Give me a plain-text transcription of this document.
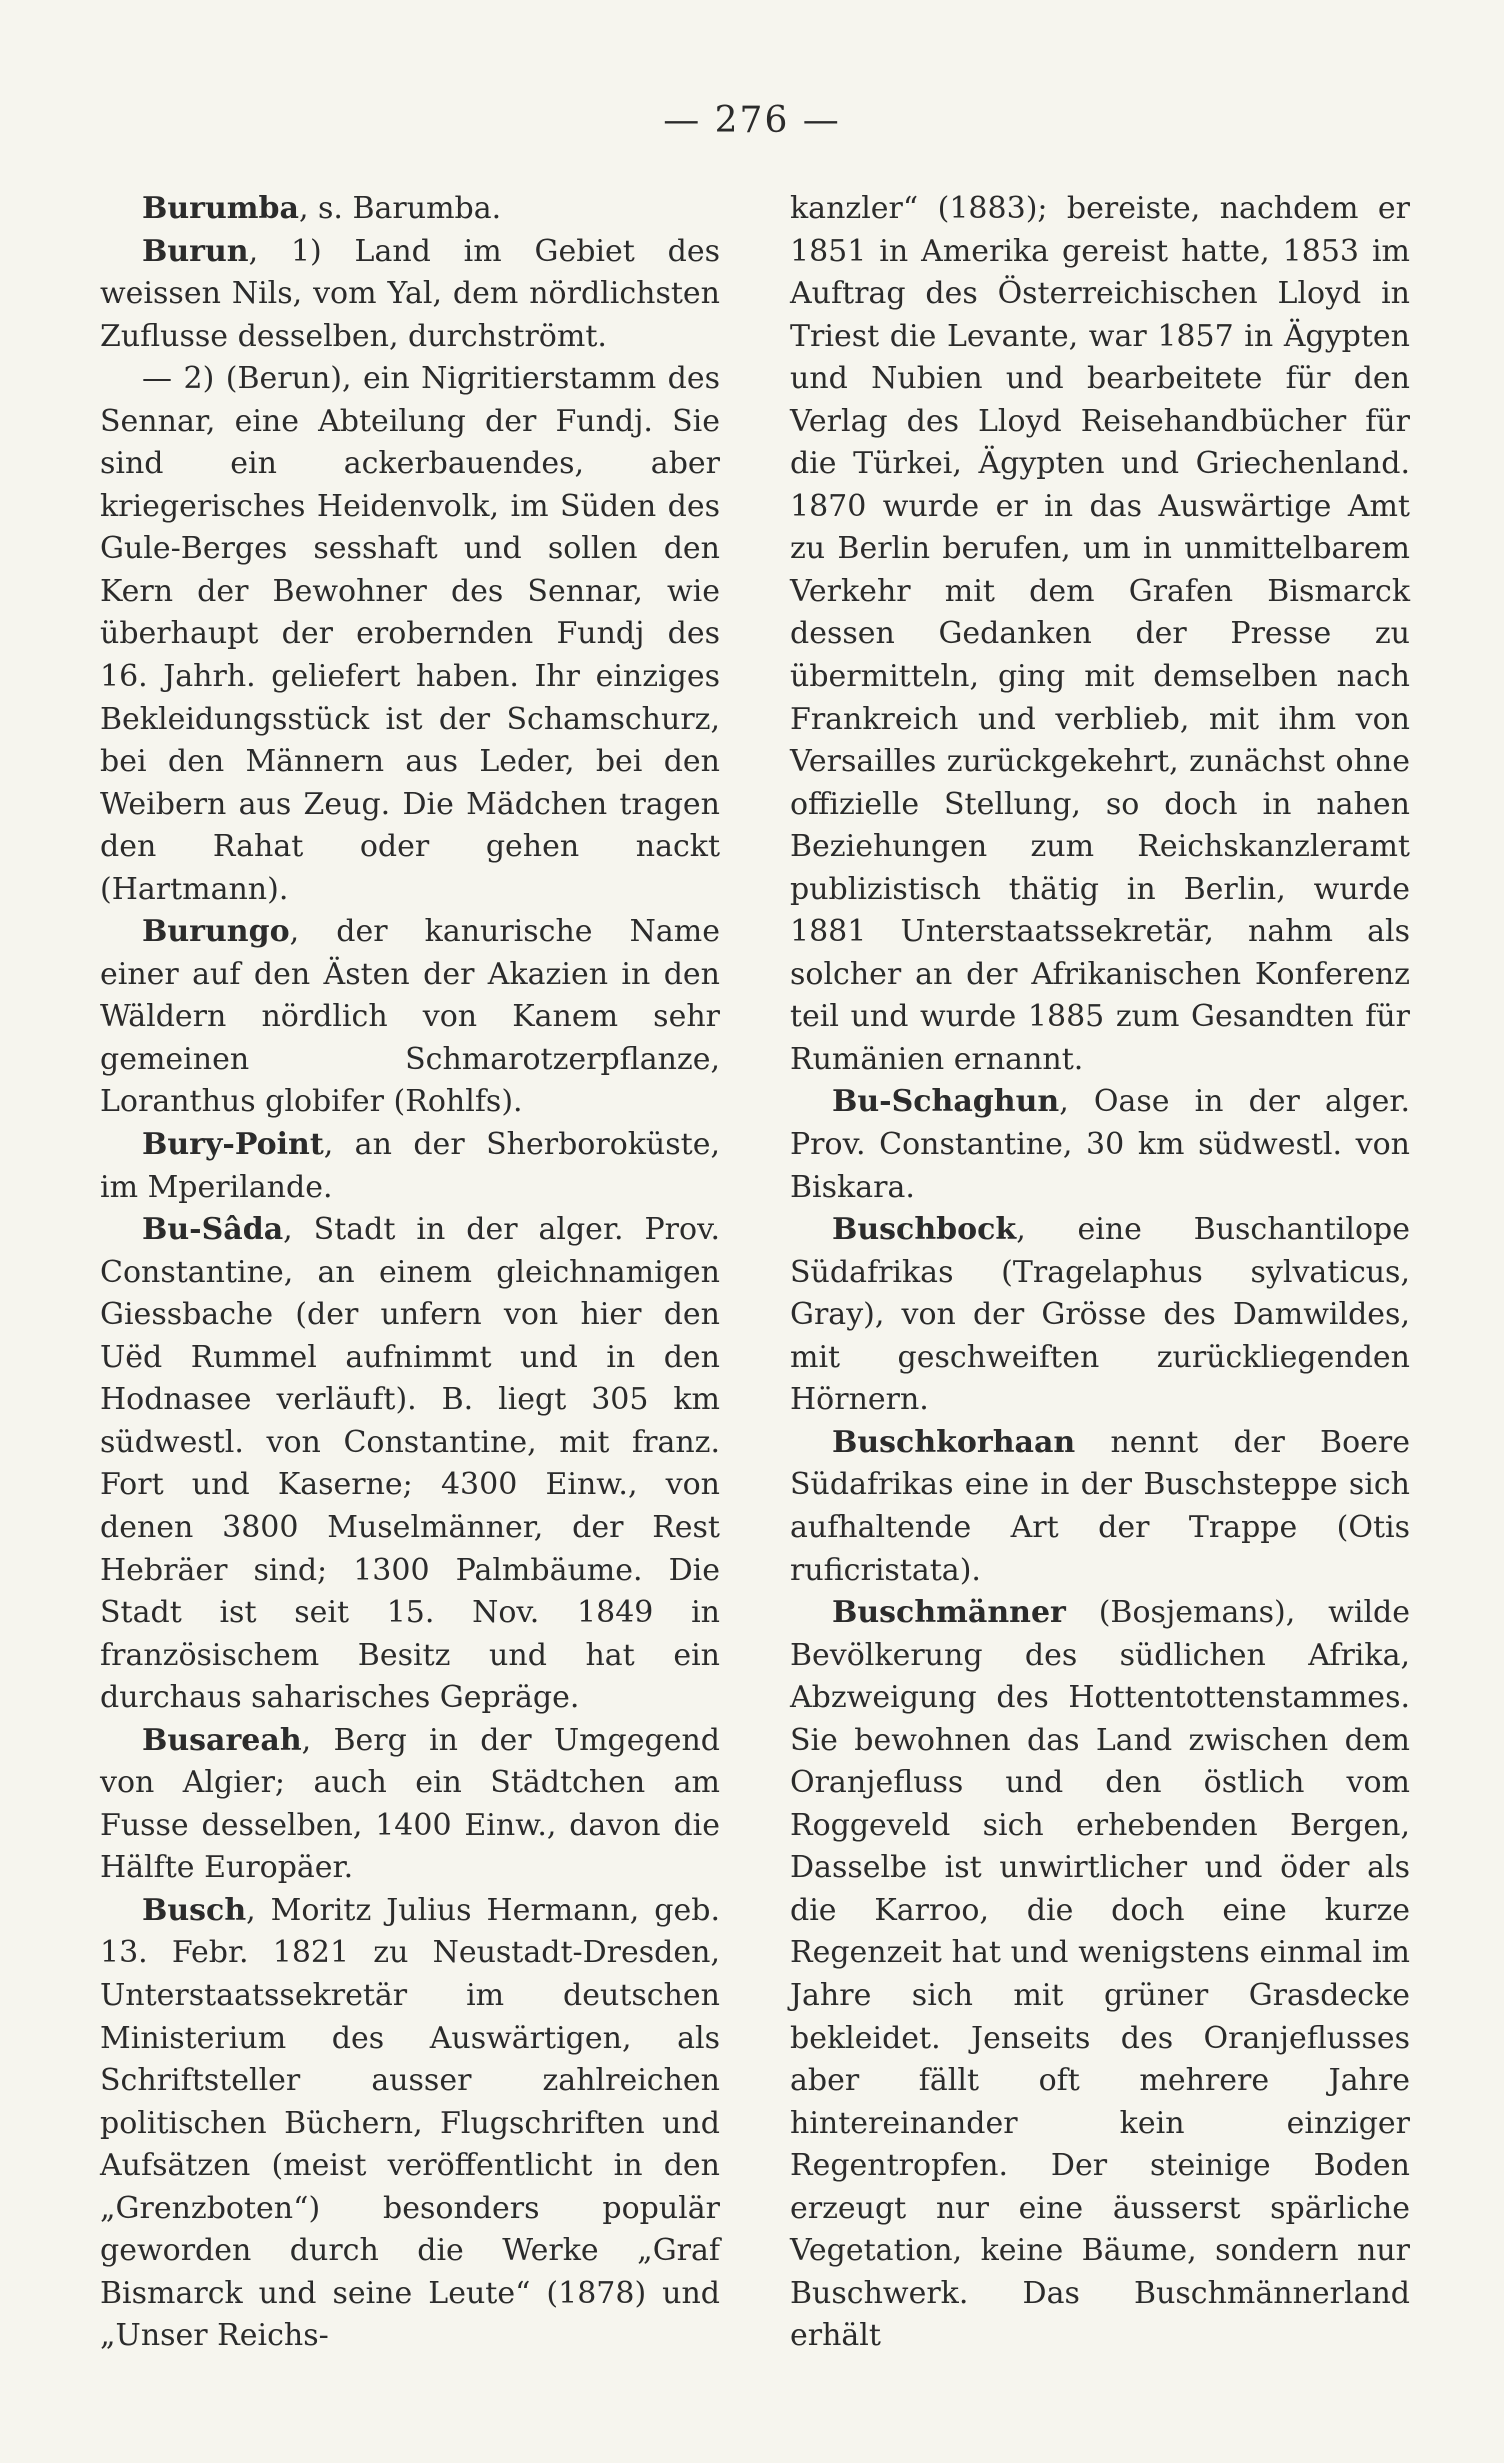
— 276 —

Burumba, s. Barumba.

Burun, 1) Land im Gebiet des weissen Nils, vom Yal, dem nördlichsten Zuflusse desselben, durchströmt.

— 2) (Berun), ein Nigritierstamm des Sennar, eine Abteilung der Fundj. Sie sind ein ackerbauendes, aber kriegerisches Heidenvolk, im Süden des Gule-Berges sesshaft und sollen den Kern der Bewohner des Sennar, wie überhaupt der erobernden Fundj des 16. Jahrh. geliefert haben. Ihr einziges Bekleidungsstück ist der Schamschurz, bei den Männern aus Leder, bei den Weibern aus Zeug. Die Mädchen tragen den Rahat oder gehen nackt (Hartmann).

Burungo, der kanurische Name einer auf den Ästen der Akazien in den Wäldern nördlich von Kanem sehr gemeinen Schmarotzerpflanze, Loranthus globifer (Rohlfs).

Bury-Point, an der Sherboroküste, im Mperilande.

Bu-Sâda, Stadt in der alger. Prov. Constantine, an einem gleichnamigen Giessbache (der unfern von hier den Uëd Rummel aufnimmt und in den Hodnasee verläuft). B. liegt 305 km südwestl. von Constantine, mit franz. Fort und Kaserne; 4300 Einw., von denen 3800 Muselmänner, der Rest Hebräer sind; 1300 Palmbäume. Die Stadt ist seit 15. Nov. 1849 in französischem Besitz und hat ein durchaus saharisches Gepräge.

Busareah, Berg in der Umgegend von Algier; auch ein Städtchen am Fusse desselben, 1400 Einw., davon die Hälfte Europäer.

Busch, Moritz Julius Hermann, geb. 13. Febr. 1821 zu Neustadt-Dresden, Unterstaatssekretär im deutschen Ministerium des Auswärtigen, als Schriftsteller ausser zahlreichen politischen Büchern, Flugschriften und Aufsätzen (meist veröffentlicht in den „Grenzboten“) besonders populär geworden durch die Werke „Graf Bismarck und seine Leute“ (1878) und „Unser Reichs-

kanzler“ (1883); bereiste, nachdem er 1851 in Amerika gereist hatte, 1853 im Auftrag des Österreichischen Lloyd in Triest die Levante, war 1857 in Ägypten und Nubien und bearbeitete für den Verlag des Lloyd Reisehandbücher für die Türkei, Ägypten und Griechenland. 1870 wurde er in das Auswärtige Amt zu Berlin berufen, um in unmittelbarem Verkehr mit dem Grafen Bismarck dessen Gedanken der Presse zu übermitteln, ging mit demselben nach Frankreich und verblieb, mit ihm von Versailles zurückgekehrt, zunächst ohne offizielle Stellung, so doch in nahen Beziehungen zum Reichskanzleramt publizistisch thätig in Berlin, wurde 1881 Unterstaatssekretär, nahm als solcher an der Afrikanischen Konferenz teil und wurde 1885 zum Gesandten für Rumänien ernannt.

Bu-Schaghun, Oase in der alger. Prov. Constantine, 30 km südwestl. von Biskara.

Buschbock, eine Buschantilope Südafrikas (Tragelaphus sylvaticus, Gray), von der Grösse des Damwildes, mit geschweiften zurückliegenden Hörnern.

Buschkorhaan nennt der Boere Südafrikas eine in der Buschsteppe sich aufhaltende Art der Trappe (Otis ruficristata).

Buschmänner (Bosjemans), wilde Bevölkerung des südlichen Afrika, Abzweigung des Hottentottenstammes. Sie bewohnen das Land zwischen dem Oranjefluss und den östlich vom Roggeveld sich erhebenden Bergen, Dasselbe ist unwirtlicher und öder als die Karroo, die doch eine kurze Regenzeit hat und wenigstens einmal im Jahre sich mit grüner Grasdecke bekleidet. Jenseits des Oranjeflusses aber fällt oft mehrere Jahre hintereinander kein einziger Regentropfen. Der steinige Boden erzeugt nur eine äusserst spärliche Vegetation, keine Bäume, sondern nur Buschwerk. Das Buschmännerland erhält
